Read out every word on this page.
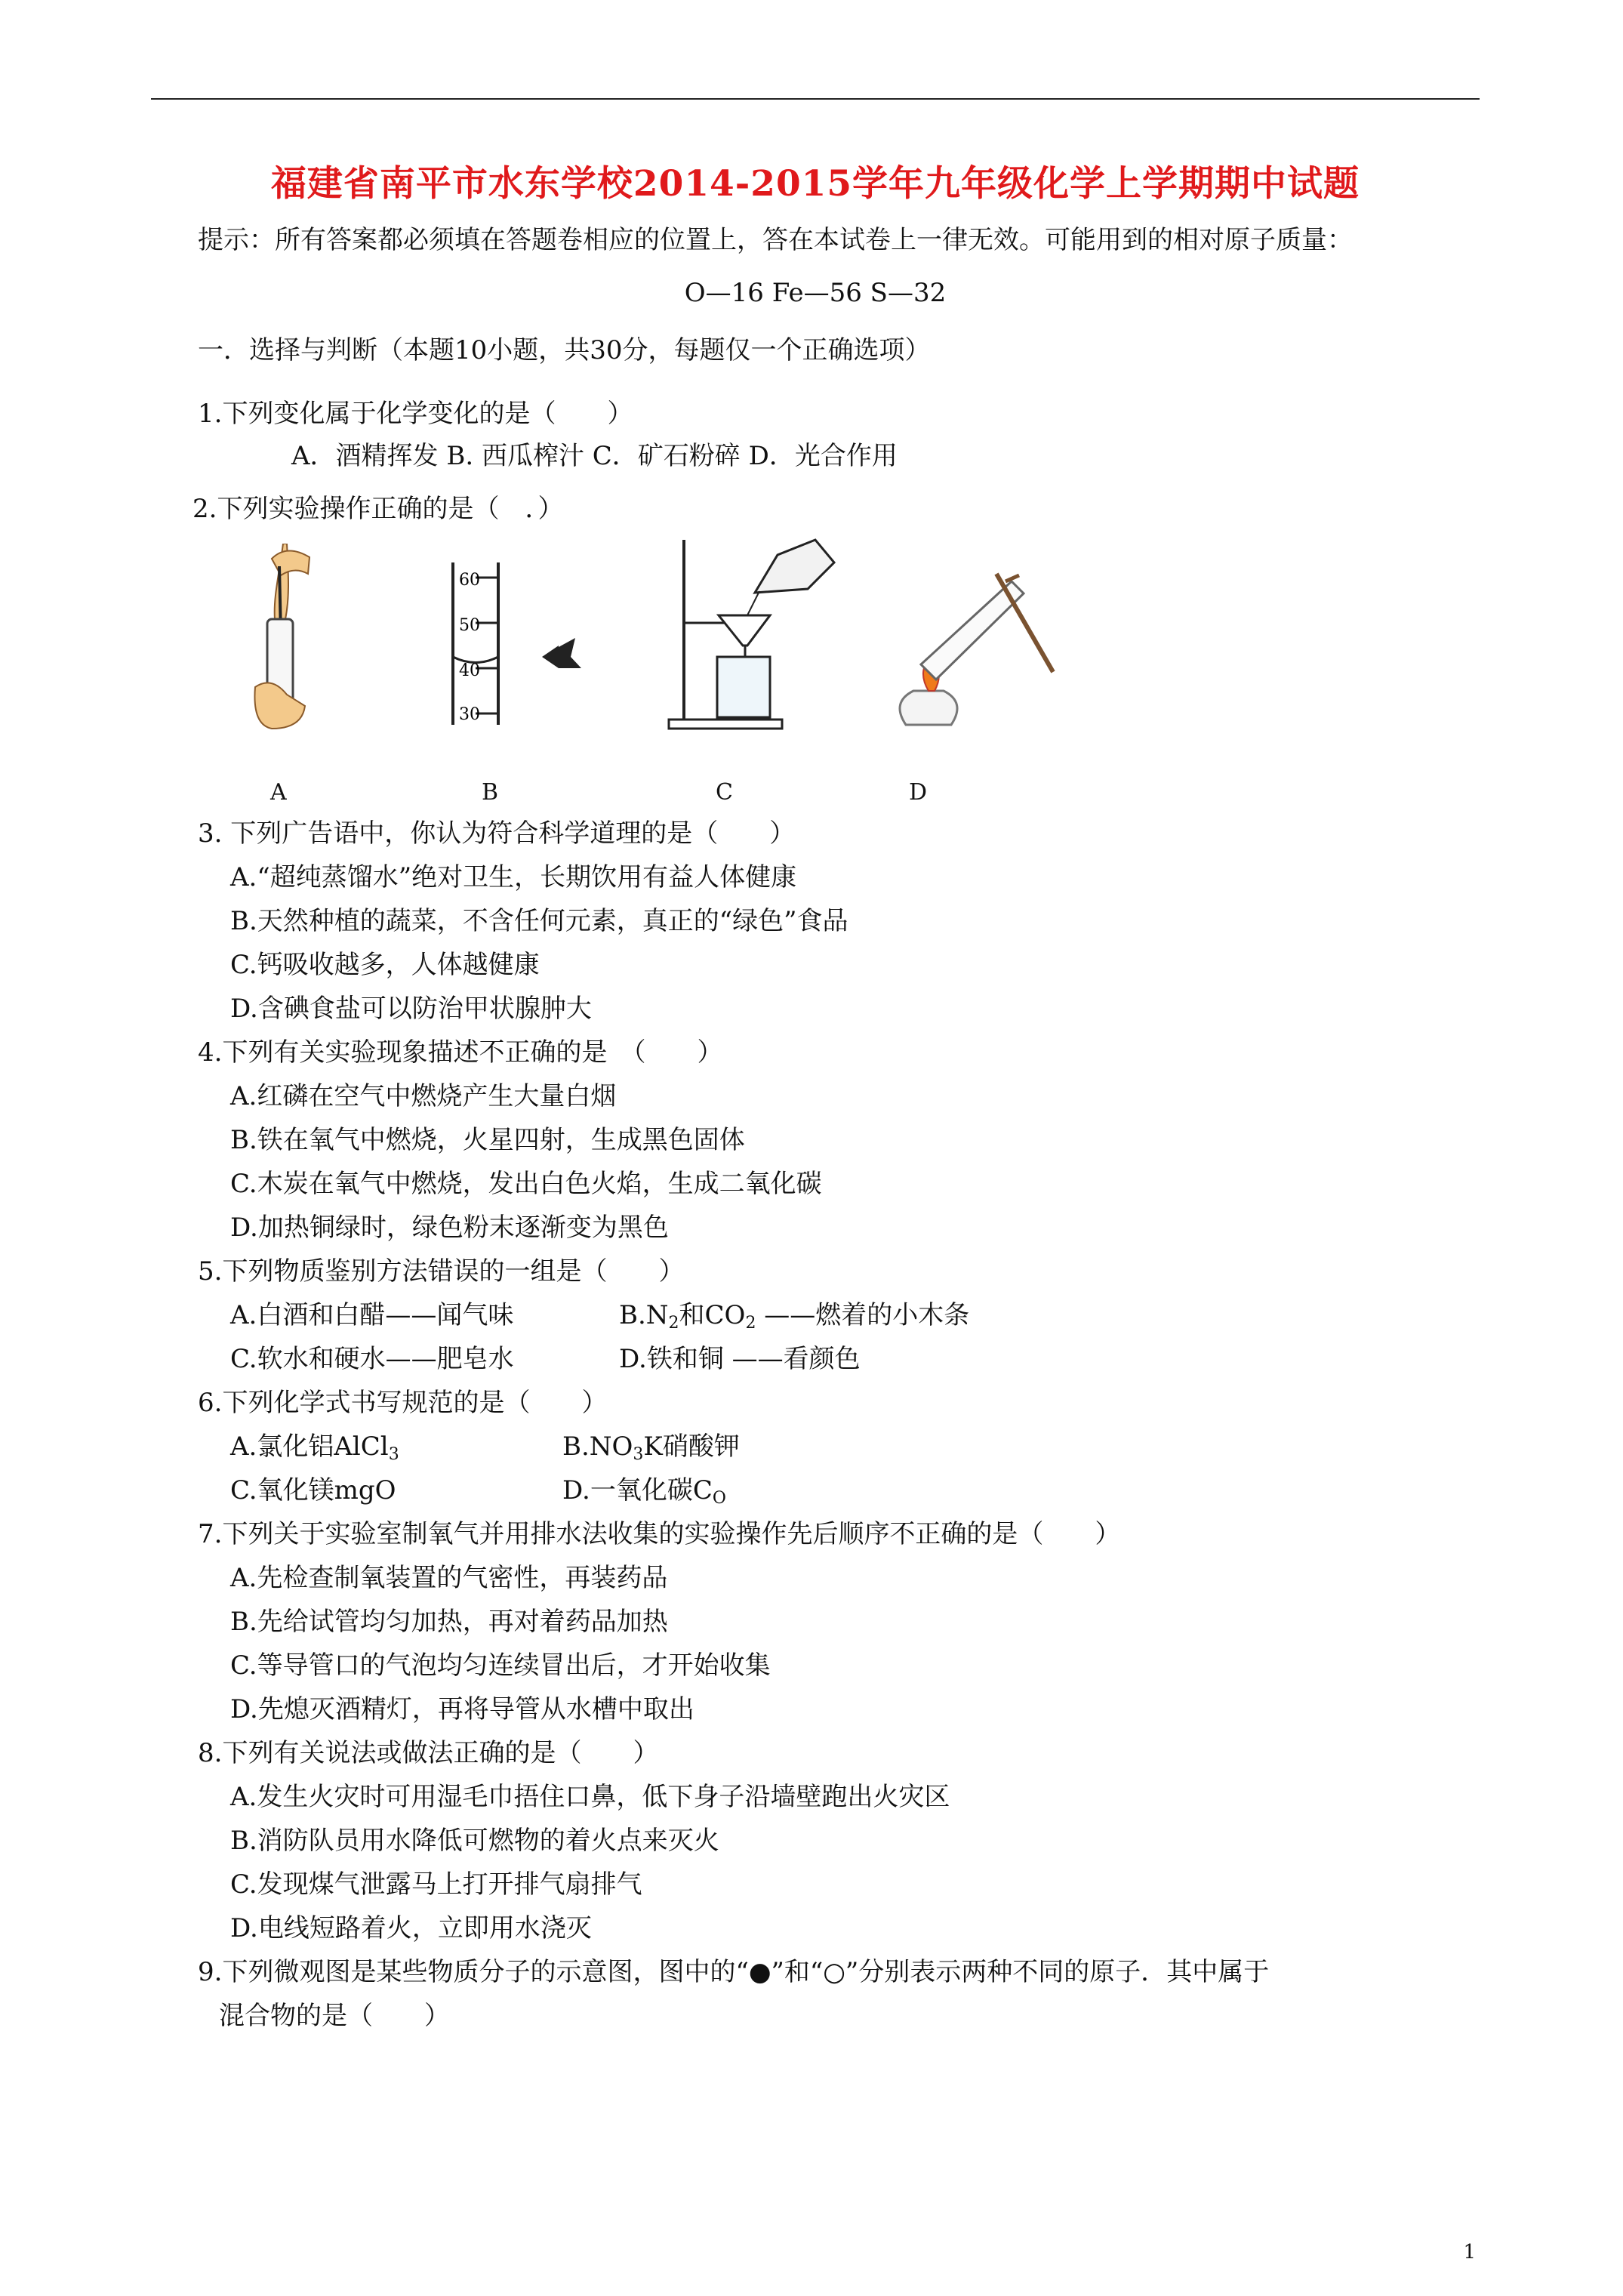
福建省南平市水东学校2014-2015学年九年级化学上学期期中试题
提示：所有答案都必须填在答题卷相应的位置上，答在本试卷上一律无效。可能用到的相对原子质量：
O—16 Fe—56 S—32
一．选择与判断（本题10小题，共30分，每题仅一个正确选项）
1.下列变化属于化学变化的是（　　）
A．酒精挥发 B. 西瓜榨汁 C．矿石粉碎 D．光合作用
2.下列实验操作正确的是（　．）
60
50
40
30
A	B	C	D
3. 下列广告语中，你认为符合科学道理的是（　　）
A.“超纯蒸馏水”绝对卫生，长期饮用有益人体健康
B.天然种植的蔬菜，不含任何元素，真正的“绿色”食品
C.钙吸收越多，人体越健康
D.含碘食盐可以防治甲状腺肿大
4.下列有关实验现象描述不正确的是　（　　）
A.红磷在空气中燃烧产生大量白烟
B.铁在氧气中燃烧，火星四射，生成黑色固体
C.木炭在氧气中燃烧，发出白色火焰，生成二氧化碳
D.加热铜绿时，绿色粉末逐渐变为黑色
5.下列物质鉴别方法错误的一组是（　　）
A.白酒和白醋——闻气味	$B.N_2$和$CO_2$ ——燃着的小木条
C.软水和硬水——肥皂水	D.铁和铜 ——看颜色
6.下列化学式书写规范的是（　　）
A.氯化铝AlCl$_3$	$B.NO_3K$硝酸钾
C.氧化镁mgO	D.一氧化碳$C_O$
7.下列关于实验室制氧气并用排水法收集的实验操作先后顺序不正确的是（　　）
A.先检查制氧装置的气密性，再装药品
B.先给试管均匀加热，再对着药品加热
C.等导管口的气泡均匀连续冒出后，才开始收集
D.先熄灭酒精灯，再将导管从水槽中取出
8.下列有关说法或做法正确的是（　　）
A.发生火灾时可用湿毛巾捂住口鼻，低下身子沿墙壁跑出火灾区
B.消防队员用水降低可燃物的着火点来灭火
C.发现煤气泄露马上打开排气扇排气
D.电线短路着火，立即用水浇灭
9.下列微观图是某些物质分子的示意图，图中的“●”和“○”分别表示两种不同的原子．其中属于
混合物的是（　　）
1
